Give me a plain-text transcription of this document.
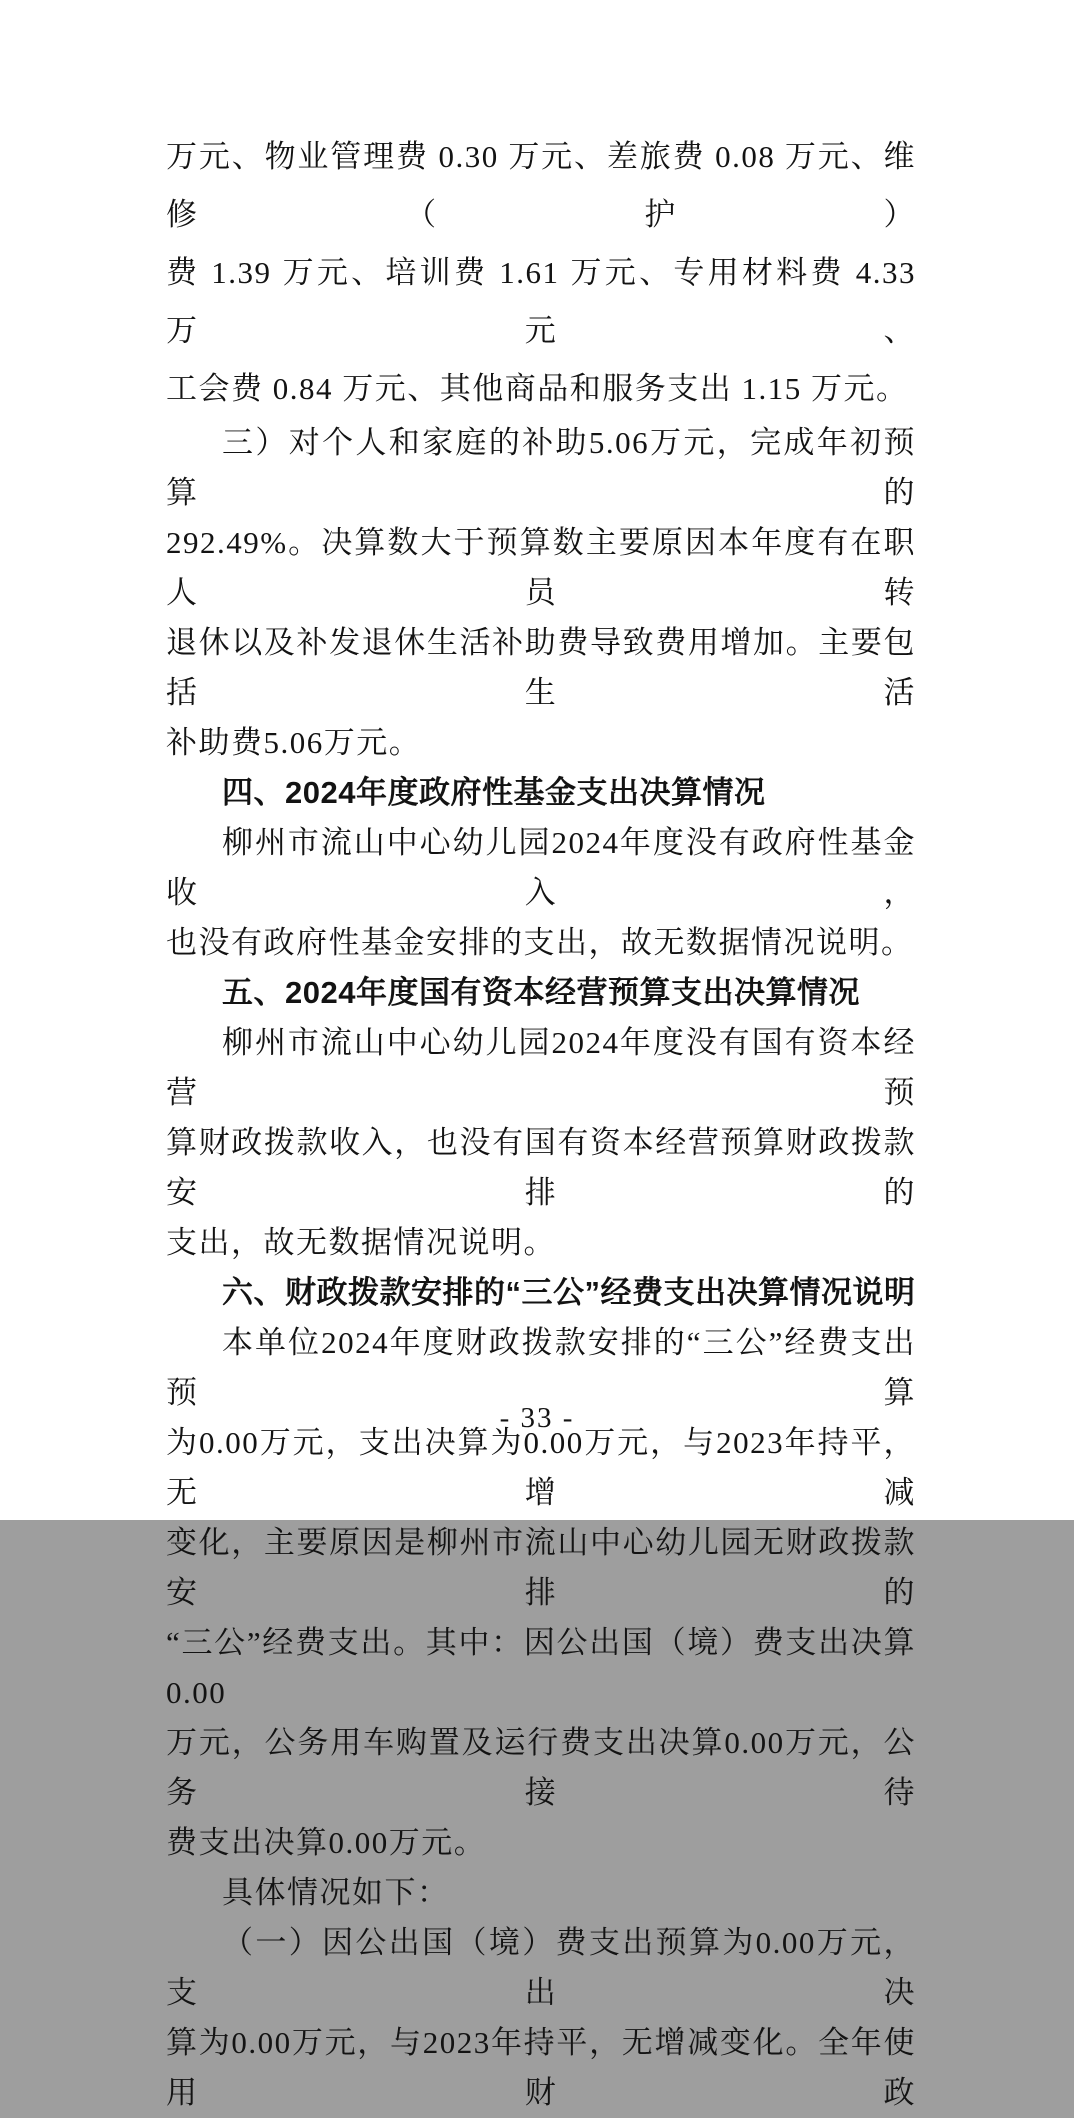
万元、物业管理费 0.30 万元、差旅费 0.08 万元、维修（护）
费 1.39 万元、培训费 1.61 万元、专用材料费 4.33 万元、
工会费 0.84 万元、其他商品和服务支出 1.15 万元。
三）对个人和家庭的补助5.06万元，完成年初预算的
292.49%。决算数大于预算数主要原因本年度有在职人员转
退休以及补发退休生活补助费导致费用增加。主要包括生活
补助费5.06万元。
四、2024年度政府性基金支出决算情况
柳州市流山中心幼儿园2024年度没有政府性基金收入，
也没有政府性基金安排的支出，故无数据情况说明。
五、2024年度国有资本经营预算支出决算情况
柳州市流山中心幼儿园2024年度没有国有资本经营预
算财政拨款收入，也没有国有资本经营预算财政拨款安排的
支出，故无数据情况说明。
六、财政拨款安排的“三公”经费支出决算情况说明
本单位2024年度财政拨款安排的“三公”经费支出预算
为0.00万元，支出决算为0.00万元，与2023年持平，无增减
变化，主要原因是柳州市流山中心幼儿园无财政拨款安排的
“三公”经费支出。其中：因公出国（境）费支出决算0.00
万元，公务用车购置及运行费支出决算0.00万元，公务接待
费支出决算0.00万元。
具体情况如下：
（一）因公出国（境）费支出预算为0.00万元，支出决
算为0.00万元，与2023年持平，无增减变化。全年使用财政
- 33 -
